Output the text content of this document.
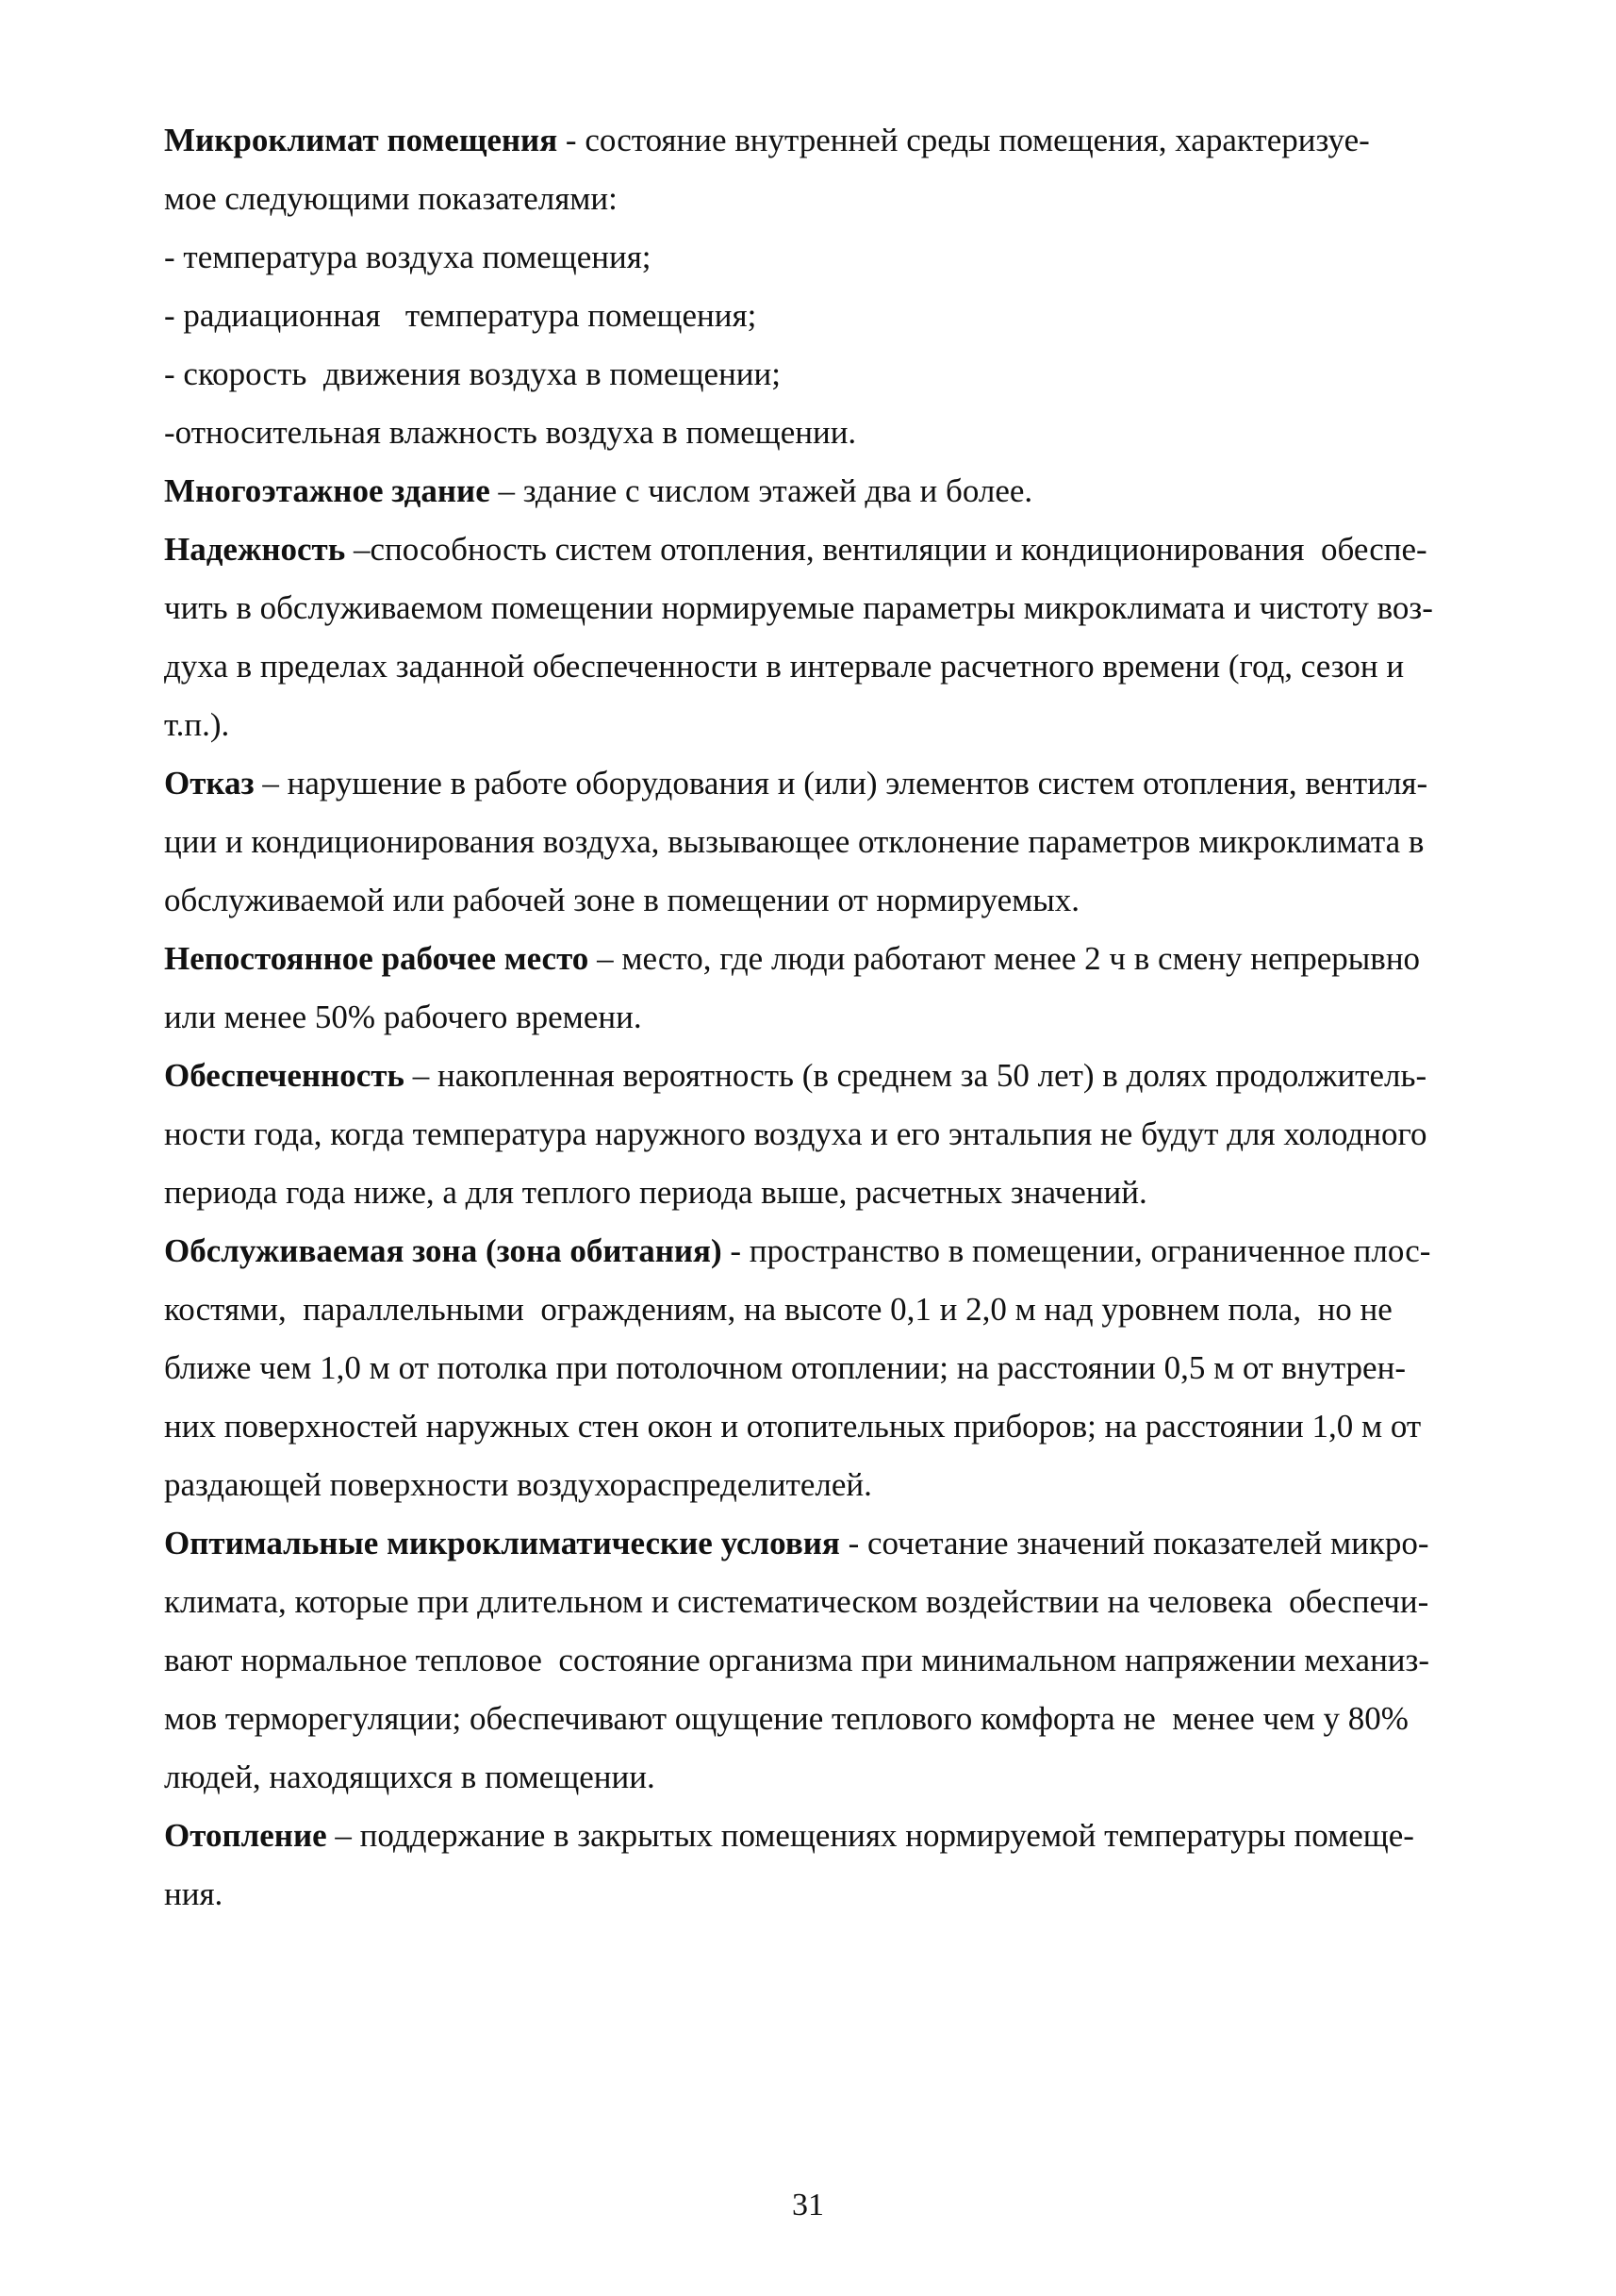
Микроклимат помещения - состояние внутренней среды помещения, характеризуе-
мое следующими показателями:
- температура воздуха помещения;
- радиационная   температура помещения;
- скорость  движения воздуха в помещении;
-относительная влажность воздуха в помещении.
Многоэтажное здание – здание с числом этажей два и более.
Надежность –способность систем отопления, вентиляции и кондиционирования  обеспе-
чить в обслуживаемом помещении нормируемые параметры микроклимата и чистоту воз-
духа в пределах заданной обеспеченности в интервале расчетного времени (год, сезон и
т.п.).
Отказ – нарушение в работе оборудования и (или) элементов систем отопления, вентиля-
ции и кондиционирования воздуха, вызывающее отклонение параметров микроклимата в
обслуживаемой или рабочей зоне в помещении от нормируемых.
Непостоянное рабочее место – место, где люди работают менее 2 ч в смену непрерывно
или менее 50% рабочего времени.
Обеспеченность – накопленная вероятность (в среднем за 50 лет) в долях продолжитель-
ности года, когда температура наружного воздуха и его энтальпия не будут для холодного
периода года ниже, а для теплого периода выше, расчетных значений.
Обслуживаемая зона (зона обитания) - пространство в помещении, ограниченное плос-
костями,  параллельными  ограждениям, на высоте 0,1 и 2,0 м над уровнем пола,  но не
ближе чем 1,0 м от потолка при потолочном отоплении; на расстоянии 0,5 м от внутрен-
них поверхностей наружных стен окон и отопительных приборов; на расстоянии 1,0 м от
раздающей поверхности воздухораспределителей.
Оптимальные микроклиматические условия - сочетание значений показателей микро-
климата, которые при длительном и систематическом воздействии на человека  обеспечи-
вают нормальное тепловое  состояние организма при минимальном напряжении механиз-
мов терморегуляции; обеспечивают ощущение теплового комфорта не  менее чем у 80%
людей, находящихся в помещении.
Отопление – поддержание в закрытых помещениях нормируемой температуры помеще-
ния.
31
